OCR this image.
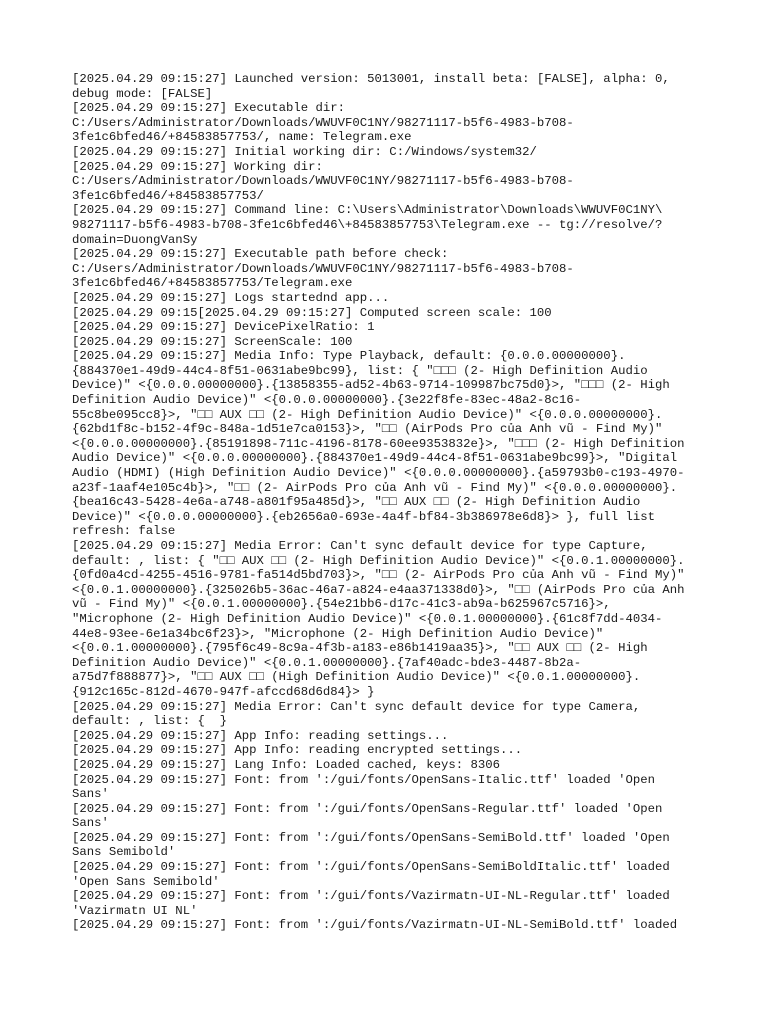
[2025.04.29 09:15:27] Launched version: 5013001, install beta: [FALSE], alpha: 0,
debug mode: [FALSE]

[2025.04.29 09:15:27] Executable dir:
C:/Users/Administrator/Downloads/WWUVF0C1NY/98271117-b5f6-4983-b708-
3fe1c6bfed46/+84583857753/, name: Telegram.exe

[2025.04.29 09:15:27] Initial working dir: C:/Windows/system32/

[2025.04.29 09:15:27] Working dir:
C:/Users/Administrator/Downloads/WWUVF0C1NY/98271117-b5f6-4983-b708-
3fe1c6bfed46/+84583857753/

[2025.04.29 09:15:27] Command line: C:\Users\Administrator\Downloads\WWUVF0C1NY\
98271117-b5f6-4983-b708-3fe1c6bfed46\+84583857753\Telegram.exe -- tg://resolve/?
domain=DuongVanSy

[2025.04.29 09:15:27] Executable path before check:
C:/Users/Administrator/Downloads/WWUVF0C1NY/98271117-b5f6-4983-b708-
3fe1c6bfed46/+84583857753/Telegram.exe

[2025.04.29 09:15:27] Logs startednd app...

[2025.04.29 09:15[2025.04.29 09:15:27] Computed screen scale: 100

[2025.04.29 09:15:27] DevicePixelRatio: 1

[2025.04.29 09:15:27] ScreenScale: 100

[2025.04.29 09:15:27] Media Info: Type Playback, default: {0.0.0.00000000}.
{884370e1-49d9-44c4-8f51-0631abe9bc99}, list: { "□□□ (2- High Definition Audio
Device)" <{0.0.0.00000000}.{13858355-ad52-4b63-9714-109987bc75d0}>, "□□□ (2- High
Definition Audio Device)" <{0.0.0.00000000}.{3e22f8fe-83ec-48a2-8c16-
55c8be095cc8}>, "□□ AUX □□ (2- High Definition Audio Device)" <{0.0.0.00000000}.
{62bd1f8c-b152-4f9c-848a-1d51e7ca0153}>, "□□ (AirPods Pro của Anh vũ - Find My)"
<{0.0.0.00000000}.{85191898-711c-4196-8178-60ee9353832e}>, "□□□ (2- High Definition
Audio Device)" <{0.0.0.00000000}.{884370e1-49d9-44c4-8f51-0631abe9bc99}>, "Digital
Audio (HDMI) (High Definition Audio Device)" <{0.0.0.00000000}.{a59793b0-c193-4970-
a23f-1aaf4e105c4b}>, "□□ (2- AirPods Pro của Anh vũ - Find My)" <{0.0.0.00000000}.
{bea16c43-5428-4e6a-a748-a801f95a485d}>, "□□ AUX □□ (2- High Definition Audio
Device)" <{0.0.0.00000000}.{eb2656a0-693e-4a4f-bf84-3b386978e6d8}> }, full list
refresh: false

[2025.04.29 09:15:27] Media Error: Can't sync default device for type Capture,
default: , list: { "□□ AUX □□ (2- High Definition Audio Device)" <{0.0.1.00000000}.
{0fd0a4cd-4255-4516-9781-fa514d5bd703}>, "□□ (2- AirPods Pro của Anh vũ - Find My)"
<{0.0.1.00000000}.{325026b5-36ac-46a7-a824-e4aa371338d0}>, "□□ (AirPods Pro của Anh
vũ - Find My)" <{0.0.1.00000000}.{54e21bb6-d17c-41c3-ab9a-b625967c5716}>,
"Microphone (2- High Definition Audio Device)" <{0.0.1.00000000}.{61c8f7dd-4034-
44e8-93ee-6e1a34bc6f23}>, "Microphone (2- High Definition Audio Device)"
<{0.0.1.00000000}.{795f6c49-8c9a-4f3b-a183-e86b1419aa35}>, "□□ AUX □□ (2- High
Definition Audio Device)" <{0.0.1.00000000}.{7af40adc-bde3-4487-8b2a-
a75d7f888877}>, "□□ AUX □□ (High Definition Audio Device)" <{0.0.1.00000000}.
{912c165c-812d-4670-947f-afccd68d6d84}> }

[2025.04.29 09:15:27] Media Error: Can't sync default device for type Camera,
default: , list: {  }

[2025.04.29 09:15:27] App Info: reading settings...

[2025.04.29 09:15:27] App Info: reading encrypted settings...

[2025.04.29 09:15:27] Lang Info: Loaded cached, keys: 8306

[2025.04.29 09:15:27] Font: from ':/gui/fonts/OpenSans-Italic.ttf' loaded 'Open
Sans'

[2025.04.29 09:15:27] Font: from ':/gui/fonts/OpenSans-Regular.ttf' loaded 'Open
Sans'

[2025.04.29 09:15:27] Font: from ':/gui/fonts/OpenSans-SemiBold.ttf' loaded 'Open
Sans Semibold'

[2025.04.29 09:15:27] Font: from ':/gui/fonts/OpenSans-SemiBoldItalic.ttf' loaded
'Open Sans Semibold'

[2025.04.29 09:15:27] Font: from ':/gui/fonts/Vazirmatn-UI-NL-Regular.ttf' loaded
'Vazirmatn UI NL'

[2025.04.29 09:15:27] Font: from ':/gui/fonts/Vazirmatn-UI-NL-SemiBold.ttf' loaded
